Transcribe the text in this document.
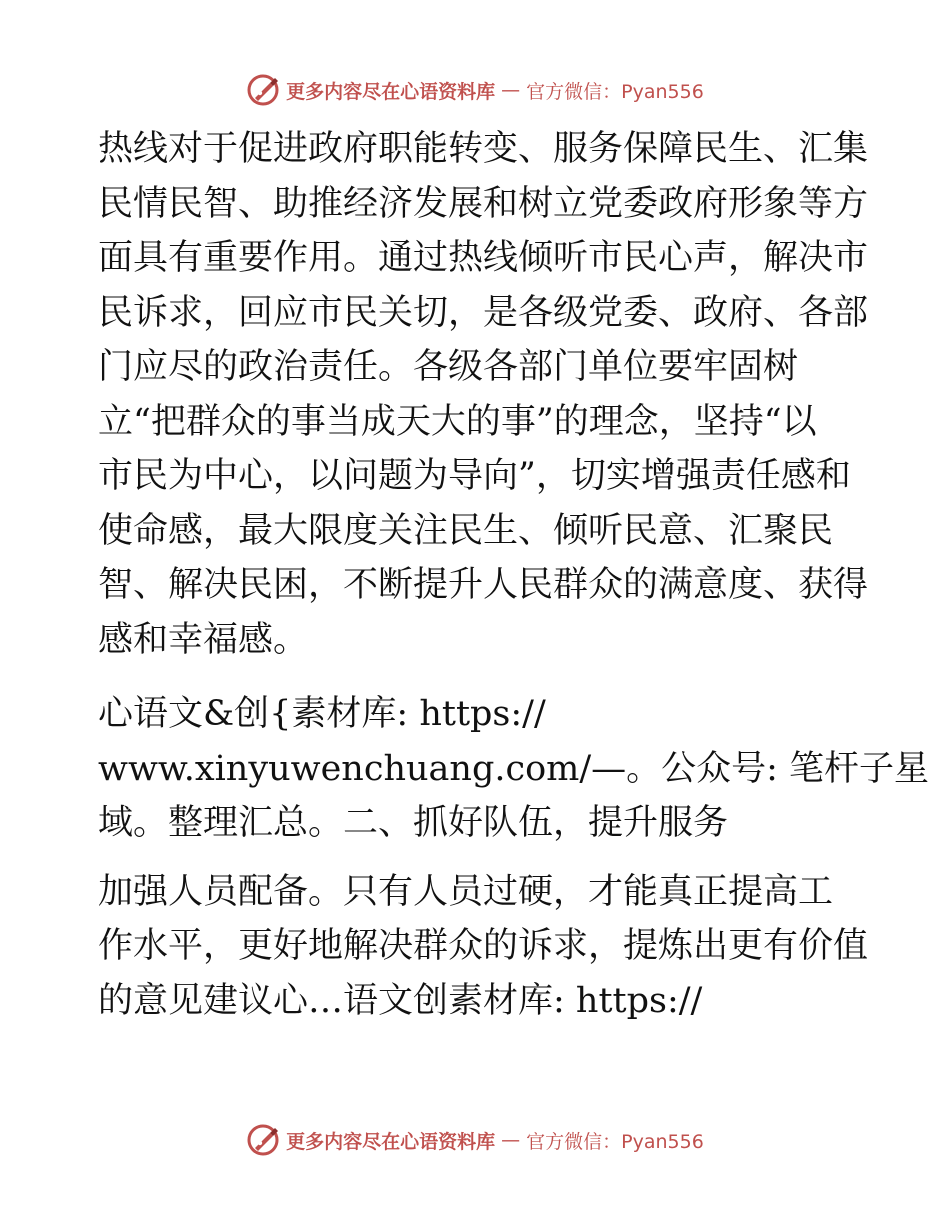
更多内容尽在心语资料库 — 官方微信：Pyan556
热线对于促进政府职能转变、服务保障民生、汇集
民情民智、助推经济发展和树立党委政府形象等方
面具有重要作用。通过热线倾听市民心声，解决市
民诉求，回应市民关切，是各级党委、政府、各部
门应尽的政治责任。各级各部门单位要牢固树
立“把群众的事当成天大的事”的理念，坚持“以
市民为中心，以问题为导向”，切实增强责任感和
使命感，最大限度关注民生、倾听民意、汇聚民
智、解决民困，不断提升人民群众的满意度、获得
感和幸福感。
心语文&创{素材库: https://
www.xinyuwenchuang.com/—。公众号: 笔杆子星
域。整理汇总。二、抓好队伍，提升服务
加强人员配备。只有人员过硬，才能真正提高工
作水平，更好地解决群众的诉求，提炼出更有价值
的意见建议心…语文创素材库: https://
更多内容尽在心语资料库 — 官方微信：Pyan556
